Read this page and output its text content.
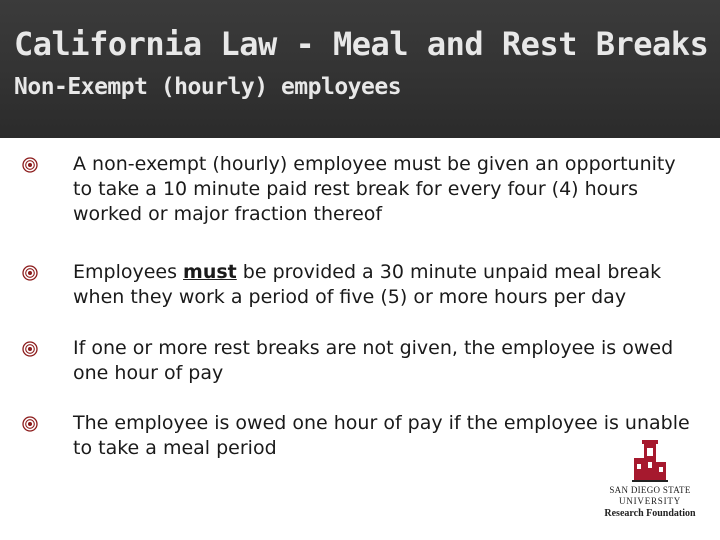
California Law - Meal and Rest Breaks
Non-Exempt (hourly) employees
A non-exempt (hourly) employee must be given an opportunity to take a 10 minute paid rest break for every four (4) hours worked or major fraction thereof
Employees must be provided a 30 minute unpaid meal break when they work a period of five (5) or more hours per day
If one or more rest breaks are not given, the employee is owed one hour of pay
The employee is owed one hour of pay if the employee is unable to take a meal period
SAN DIEGO STATE
UNIVERSITY
Research Foundation
